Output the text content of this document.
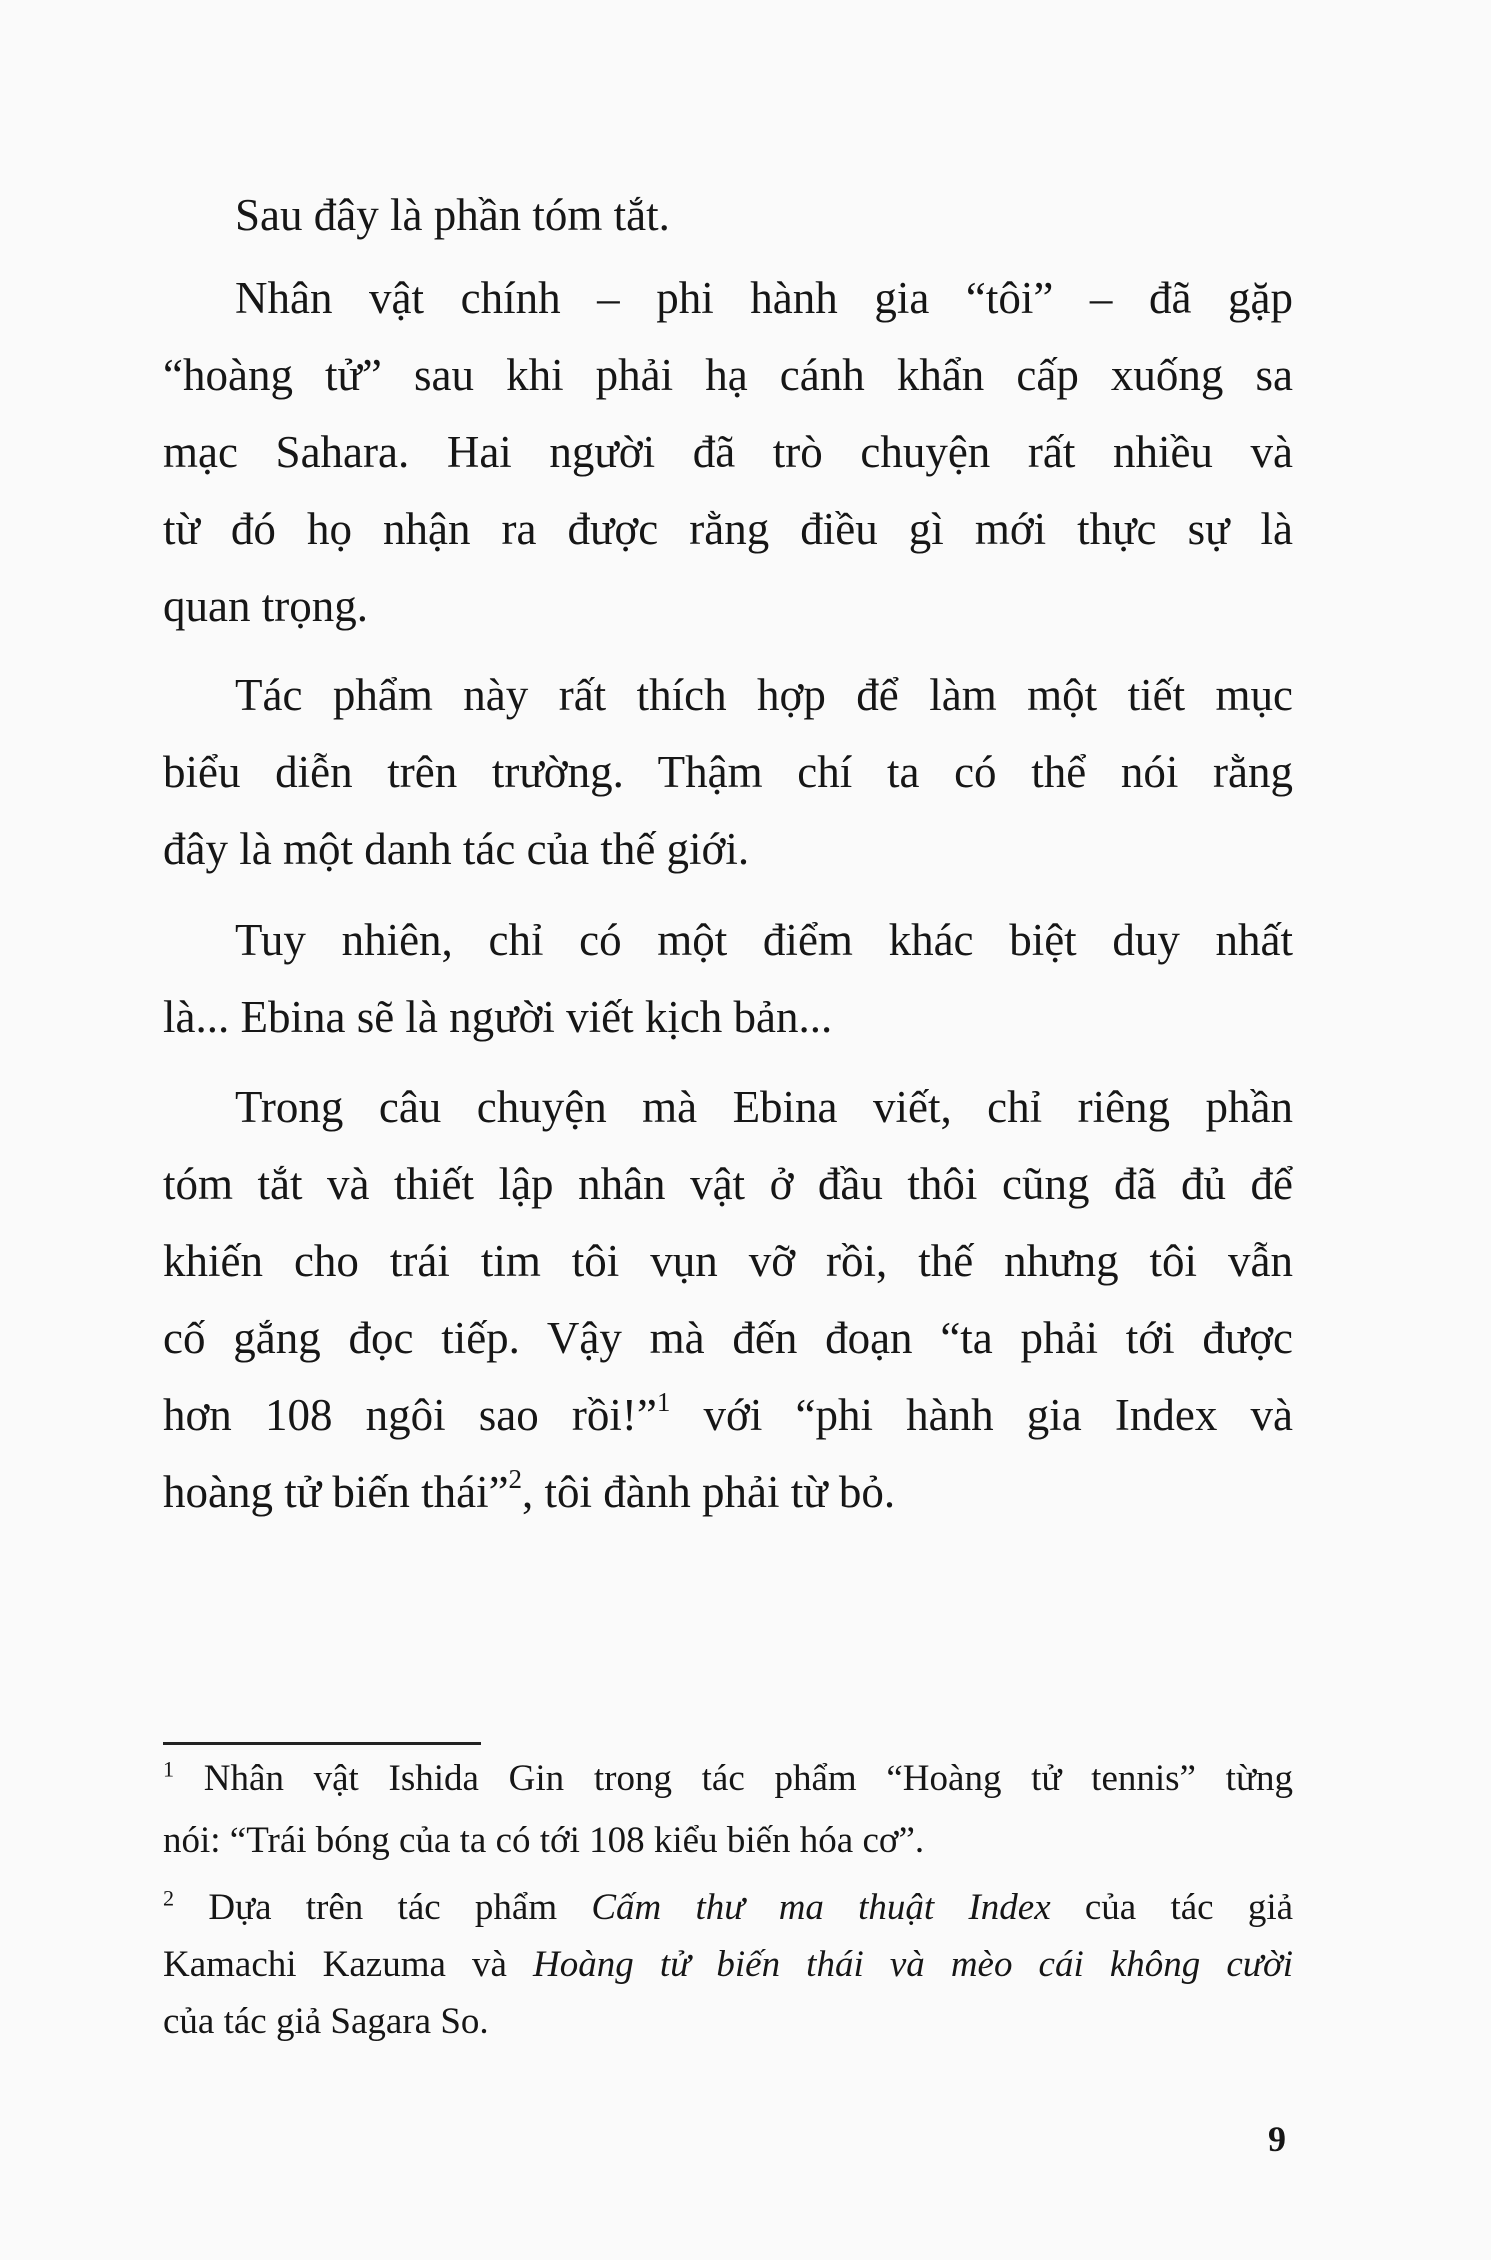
Sau đây là phần tóm tắt.
Nhân vật chính – phi hành gia “tôi” – đã gặp
“hoàng tử” sau khi phải hạ cánh khẩn cấp xuống sa
mạc Sahara. Hai người đã trò chuyện rất nhiều và
từ đó họ nhận ra được rằng điều gì mới thực sự là
quan trọng.
Tác phẩm này rất thích hợp để làm một tiết mục
biểu diễn trên trường. Thậm chí ta có thể nói rằng
đây là một danh tác của thế giới.
Tuy nhiên, chỉ có một điểm khác biệt duy nhất
là... Ebina sẽ là người viết kịch bản...
Trong câu chuyện mà Ebina viết, chỉ riêng phần
tóm tắt và thiết lập nhân vật ở đầu thôi cũng đã đủ để
khiến cho trái tim tôi vụn vỡ rồi, thế nhưng tôi vẫn
cố gắng đọc tiếp. Vậy mà đến đoạn “ta phải tới được
hơn 108 ngôi sao rồi!”$^1$ với “phi hành gia Index và
hoàng tử biến thái”$^2$, tôi đành phải từ bỏ.
$^1$ Nhân vật Ishida Gin trong tác phẩm “Hoàng tử tennis” từng
nói: “Trái bóng của ta có tới 108 kiểu biến hóa cơ”.
$^2$ Dựa trên tác phẩm Cấm thư ma thuật Index của tác giả
Kamachi Kazuma và Hoàng tử biến thái và mèo cái không cười
của tác giả Sagara So.
9
